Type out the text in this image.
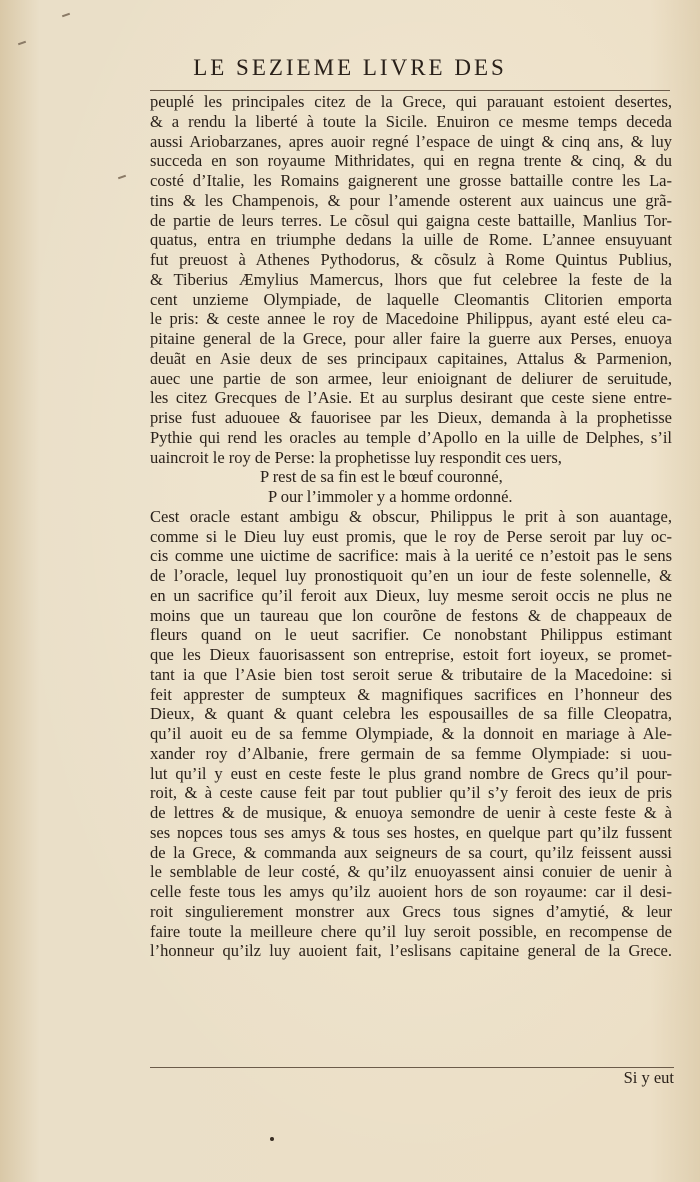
LE SEZIEME LIVRE DES
peuplé les principales citez de la Grece, qui parauant estoient desertes,
& a rendu la liberté à toute la Sicile. Enuiron ce mesme temps deceda
aussi Ariobarzanes, apres auoir regné l’espace de uingt & cinq ans, & luy
succeda en son royaume Mithridates, qui en regna trente & cinq, & du
costé d’Italie, les Romains gaignerent une grosse battaille contre les La-
tins & les Champenois, & pour l’amende osterent aux uaincus une grã-
de partie de leurs terres. Le cõsul qui gaigna ceste battaille, Manlius Tor-
quatus, entra en triumphe dedans la uille de Rome. L’annee ensuyuant
fut preuost à Athenes Pythodorus, & cõsulz à Rome Quintus Publius,
& Tiberius Æmylius Mamercus, lhors que fut celebree la feste de la
cent unzieme Olympiade, de laquelle Cleomantis Clitorien emporta
le pris: & ceste annee le roy de Macedoine Philippus, ayant esté eleu ca-
pitaine general de la Grece, pour aller faire la guerre aux Perses, enuoya
deuãt en Asie deux de ses principaux capitaines, Attalus & Parmenion,
auec une partie de son armee, leur enioignant de deliurer de seruitude,
les citez Grecques de l’Asie. Et au surplus desirant que ceste siene entre-
prise fust aduouee & fauorisee par les Dieux, demanda à la prophetisse
Pythie qui rend les oracles au temple d’Apollo en la uille de Delphes, s’il
uaincroit le roy de Perse: la prophetisse luy respondit ces uers,
P rest de sa fin est le bœuf couronné,
P our l’immoler y a homme ordonné.
Cest oracle estant ambigu & obscur, Philippus le prit à son auantage,
comme si le Dieu luy eust promis, que le roy de Perse seroit par luy oc-
cis comme une uictime de sacrifice: mais à la uerité ce n’estoit pas le sens
de l’oracle, lequel luy pronostiquoit qu’en un iour de feste solennelle, &
en un sacrifice qu’il feroit aux Dieux, luy mesme seroit occis ne plus ne
moins que un taureau que lon courõne de festons & de chappeaux de
fleurs quand on le ueut sacrifier. Ce nonobstant Philippus estimant
que les Dieux fauorisassent son entreprise, estoit fort ioyeux, se promet-
tant ia que l’Asie bien tost seroit serue & tributaire de la Macedoine: si
feit apprester de sumpteux & magnifiques sacrifices en l’honneur des
Dieux, & quant & quant celebra les espousailles de sa fille Cleopatra,
qu’il auoit eu de sa femme Olympiade, & la donnoit en mariage à Ale-
xander roy d’Albanie, frere germain de sa femme Olympiade: si uou-
lut qu’il y eust en ceste feste le plus grand nombre de Grecs qu’il pour-
roit, & à ceste cause feit par tout publier qu’il s’y feroit des ieux de pris
de lettres & de musique, & enuoya semondre de uenir à ceste feste & à
ses nopces tous ses amys & tous ses hostes, en quelque part qu’ilz fussent
de la Grece, & commanda aux seigneurs de sa court, qu’ilz feissent aussi
le semblable de leur costé, & qu’ilz enuoyassent ainsi conuier de uenir à
celle feste tous les amys qu’ilz auoient hors de son royaume: car il desi-
roit singulierement monstrer aux Grecs tous signes d’amytié, & leur
faire toute la meilleure chere qu’il luy seroit possible, en recompense de
l’honneur qu’ilz luy auoient fait, l’eslisans capitaine general de la Grece.
Si y eut
